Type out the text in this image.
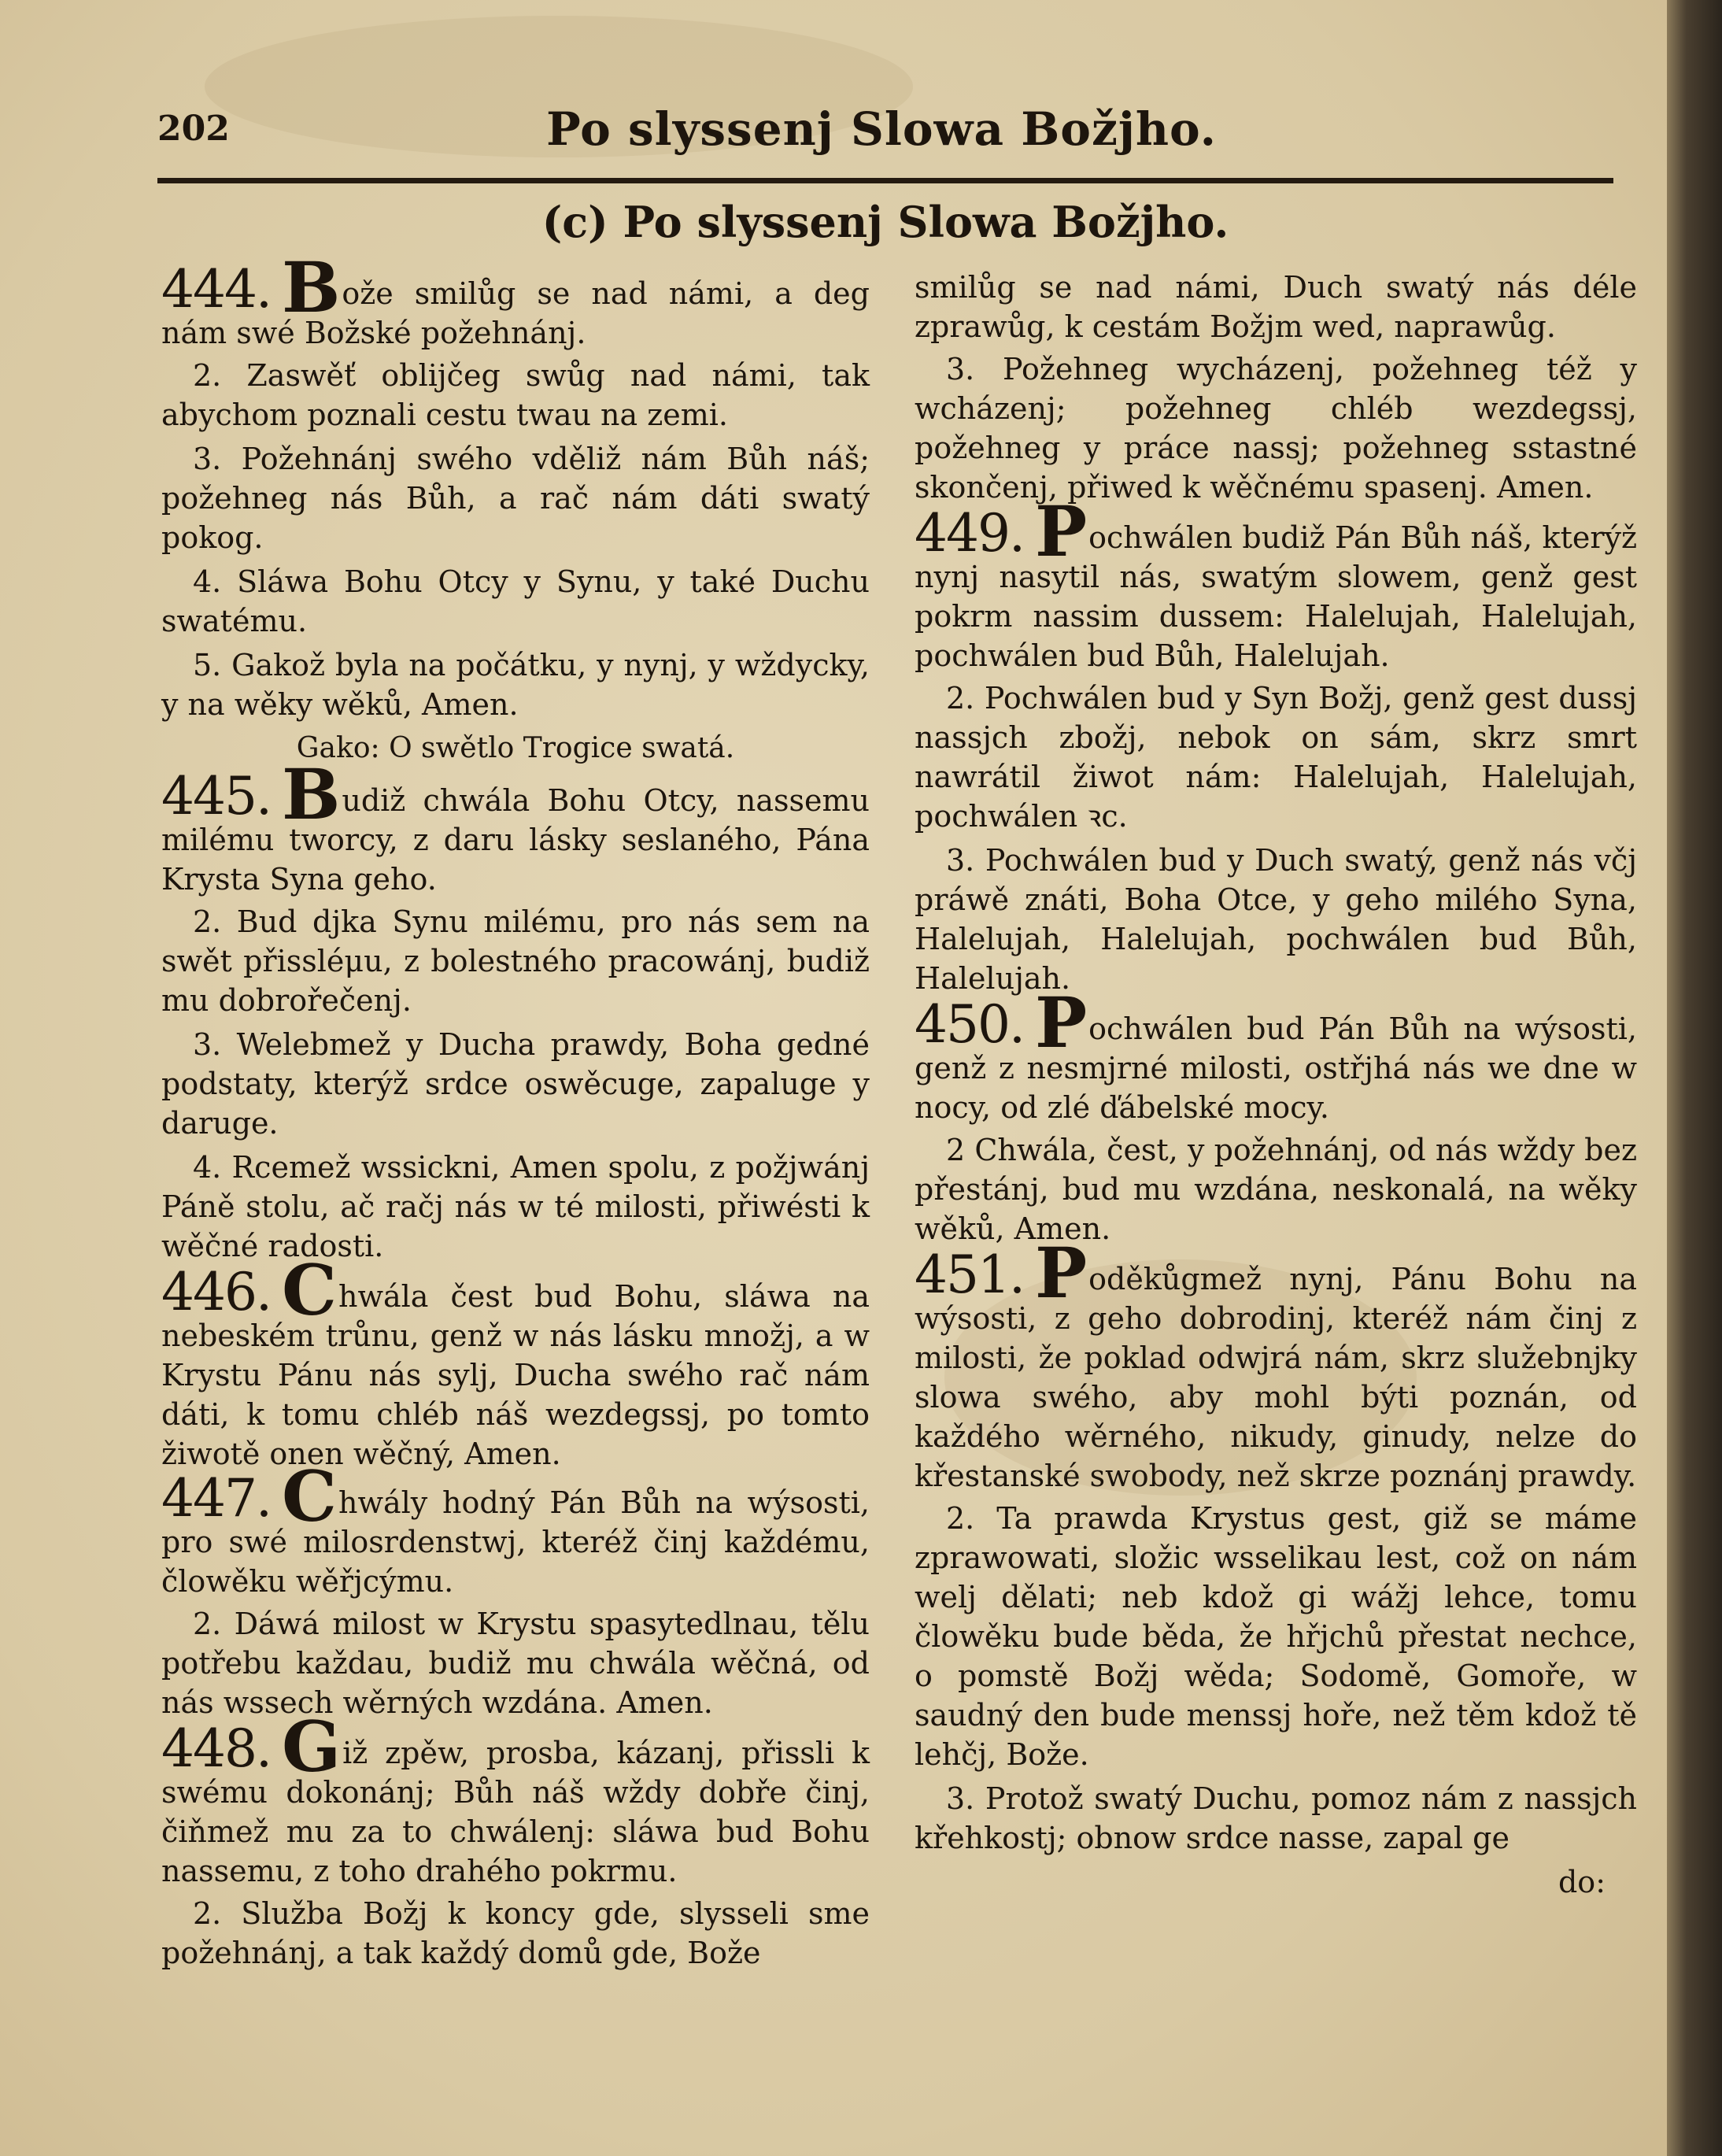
202	Po slyssenj Slowa Božjho.
(c) Po slyssenj Slowa Božjho.

444. Bože smilůg se nad námi, a deg nám swé Božské požehnánj.

2. Zaswěť oblijčeg swůg nad námi, tak abychom poznali cestu twau na zemi.

3. Požehnánj swého vděliž nám Bůh náš; požehneg nás Bůh, a rač nám dáti swatý pokog.

4. Sláwa Bohu Otcy y Synu, y také Duchu swatému.

5. Gakož byla na počátku, y nynj, y wždycky, y na wěky wěků, Amen.

Gako: O swětlo Trogice swatá.

445. Budiž chwála Bohu Otcy, nassemu milému tworcy, z daru lásky seslaného, Pána Krysta Syna geho.

2. Bud djka Synu milému, pro nás sem na swět přissléμu, z bolestného pracowánj, budiž mu dobrořečenj.

3. Welebmež y Ducha prawdy, Boha gedné podstaty, kterýž srdce oswěcuge, zapaluge y daruge.

4. Rcemež wssickni, Amen spolu, z požjwánj Páně stolu, ač račj nás w té milosti, přiwésti k wěčné radosti.

446. Chwála čest bud Bohu, sláwa na nebeském trůnu, genž w nás lásku množj, a w Krystu Pánu nás sylj, Ducha swého rač nám dáti, k tomu chléb náš wezdegssj, po tomto žiwotě onen wěčný, Amen.

447. Chwály hodný Pán Bůh na wýsosti, pro swé milosrdenstwj, kteréž činj každému, člowěku wěřjcýmu.

2. Dáwá milost w Krystu spasytedlnau, tělu potřebu každau, budiž mu chwála wěčná, od nás wssech wěrných wzdána. Amen.

448. Giž zpěw, prosba, kázanj, přissli k swému dokonánj; Bůh náš wždy dobře činj, čiňmež mu za to chwálenj: sláwa bud Bohu nassemu, z toho drahého pokrmu.

2. Služba Božj k koncy gde, slysseli sme požehnánj, a tak každý domů gde, Bože

smilůg se nad námi, Duch swatý nás déle zprawůg, k cestám Božjm wed, naprawůg.

3. Požehneg wycházenj, požehneg též y wcházenj; požehneg chléb wezdegssj, požehneg y práce nassj; požehneg sstastné skončenj, přiwed k wěčnému spasenj. Amen.

449. Pochwálen budiž Pán Bůh náš, kterýž nynj nasytil nás, swatým slowem, genž gest pokrm nassim dussem: Halelujah, Halelujah, pochwálen bud Bůh, Halelujah.

2. Pochwálen bud y Syn Božj, genž gest dussj nassjch zbožj, nebok on sám, skrz smrt nawrátil žiwot nám: Halelujah, Halelujah, pochwálen ꝛc.

3. Pochwálen bud y Duch swatý, genž nás včj práwě znáti, Boha Otce, y geho milého Syna, Halelujah, Halelujah, pochwálen bud Bůh, Halelujah.

450. Pochwálen bud Pán Bůh na wýsosti, genž z nesmjrné milosti, ostřjhá nás we dne w nocy, od zlé ďábelské mocy.

2 Chwála, čest, y požehnánj, od nás wždy bez přestánj, bud mu wzdána, neskonalá, na wěky wěků, Amen.

451. Poděkůgmež nynj, Pánu Bohu na wýsosti, z geho dobrodinj, kteréž nám činj z milosti, že poklad odwjrá nám, skrz služebnjky slowa swého, aby mohl býti poznán, od každého wěrného, nikudy, ginudy, nelze do křestanské swobody, než skrze poznánj prawdy.

2. Ta prawda Krystus gest, giž se máme zprawowati, složic wsselikau lest, což on nám welj dělati; neb kdož gi wážj lehce, tomu člowěku bude běda, že hřjchů přestat nechce, o pomstě Božj wěda; Sodomě, Gomoře, w saudný den bude menssj hoře, než těm kdož tě lehčj, Bože.

3. Protož swatý Duchu, pomoz nám z nassjch křehkostj; obnow srdce nasse, zapal ge

do:
